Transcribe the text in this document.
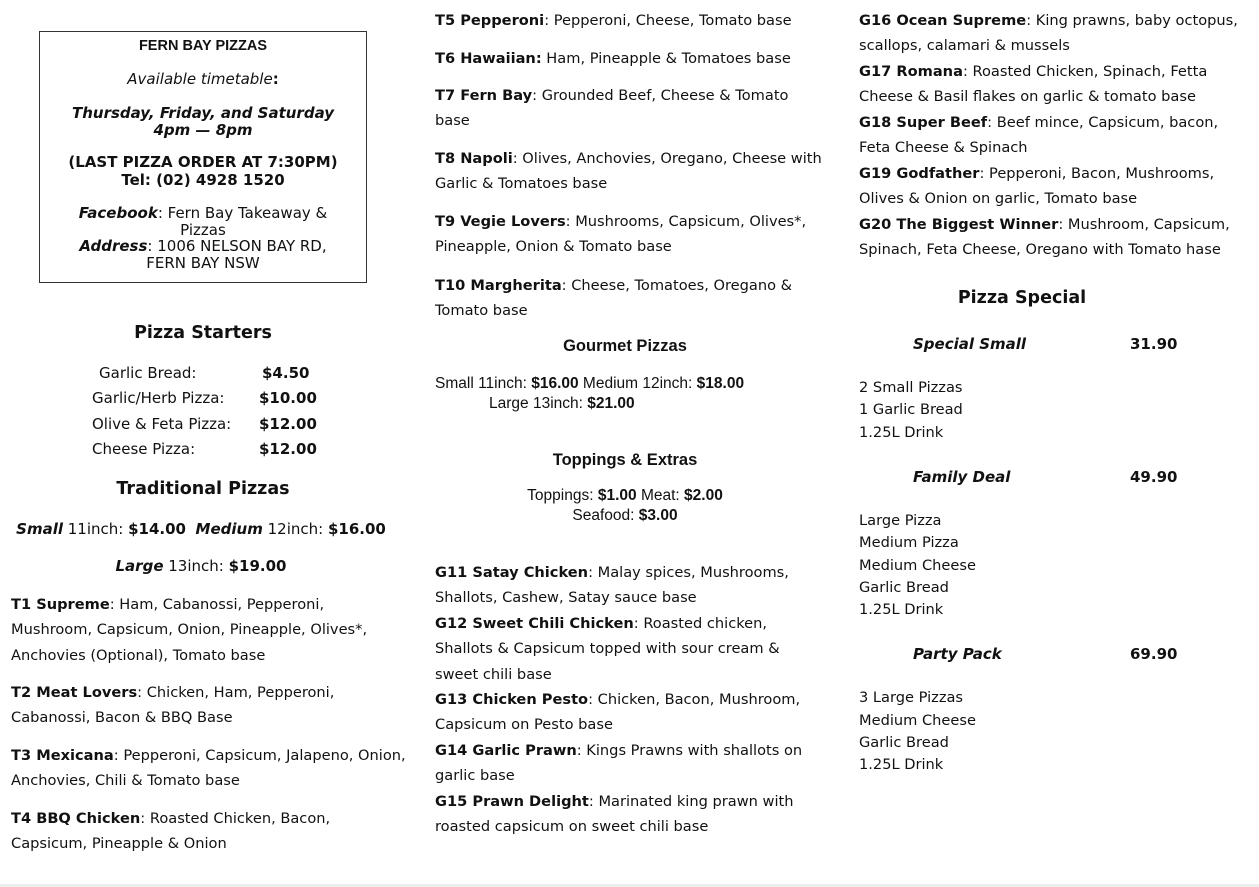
FERN BAY PIZZAS
Available timetable:
Thursday, Friday, and Saturday
4pm — 8pm
(LAST PIZZA ORDER AT 7:30PM)
Tel: (02) 4928 1520
Facebook: Fern Bay Takeaway &
Pizzas
Address: 1006 NELSON BAY RD,
FERN BAY NSW
Pizza Starters
Garlic Bread:	$4.50
Garlic/Herb Pizza: $10.00
Olive & Feta Pizza: $12.00
Cheese Pizza:	$12.00
Traditional Pizzas
Small 11inch: $14.00 Medium 12inch: $16.00
Large 13inch: $19.00
T1 Supreme: Ham, Cabanossi, Pepperoni, Mushroom, Capsicum, Onion, Pineapple, Olives*, Anchovies (Optional), Tomato base
T2 Meat Lovers: Chicken, Ham, Pepperoni, Cabanossi, Bacon & BBQ Base
T3 Mexicana: Pepperoni, Capsicum, Jalapeno, Onion, Anchovies, Chili & Tomato base
T4 BBQ Chicken: Roasted Chicken, Bacon, Capsicum, Pineapple & Onion
T5 Pepperoni: Pepperoni, Cheese, Tomato base
T6 Hawaiian: Ham, Pineapple & Tomatoes base
T7 Fern Bay: Grounded Beef, Cheese & Tomato base
T8 Napoli: Olives, Anchovies, Oregano, Cheese with Garlic & Tomatoes base
T9 Vegie Lovers: Mushrooms, Capsicum, Olives*, Pineapple, Onion & Tomato base
T10 Margherita: Cheese, Tomatoes, Oregano & Tomato base
Gourmet Pizzas
Small 11inch: $16.00 Medium 12inch: $18.00
Large 13inch: $21.00
Toppings & Extras
Toppings: $1.00 Meat: $2.00
Seafood: $3.00
G11 Satay Chicken: Malay spices, Mushrooms, Shallots, Cashew, Satay sauce base
G12 Sweet Chili Chicken: Roasted chicken, Shallots & Capsicum topped with sour cream & sweet chili base
G13 Chicken Pesto: Chicken, Bacon, Mushroom, Capsicum on Pesto base
G14 Garlic Prawn: Kings Prawns with shallots on garlic base
G15 Prawn Delight: Marinated king prawn with roasted capsicum on sweet chili base
G16 Ocean Supreme: King prawns, baby octopus, scallops, calamari & mussels
G17 Romana: Roasted Chicken, Spinach, Fetta Cheese & Basil flakes on garlic & tomato base
G18 Super Beef: Beef mince, Capsicum, bacon, Feta Cheese & Spinach
G19 Godfather: Pepperoni, Bacon, Mushrooms, Olives & Onion on garlic, Tomato base
G20 The Biggest Winner: Mushroom, Capsicum, Spinach, Feta Cheese, Oregano with Tomato hase
Pizza Special
Special Small	31.90
2 Small Pizzas
1 Garlic Bread
1.25L Drink
Family Deal	49.90
Large Pizza
Medium Pizza
Medium Cheese
Garlic Bread
1.25L Drink
Party Pack	69.90
3 Large Pizzas
Medium Cheese
Garlic Bread
1.25L Drink
